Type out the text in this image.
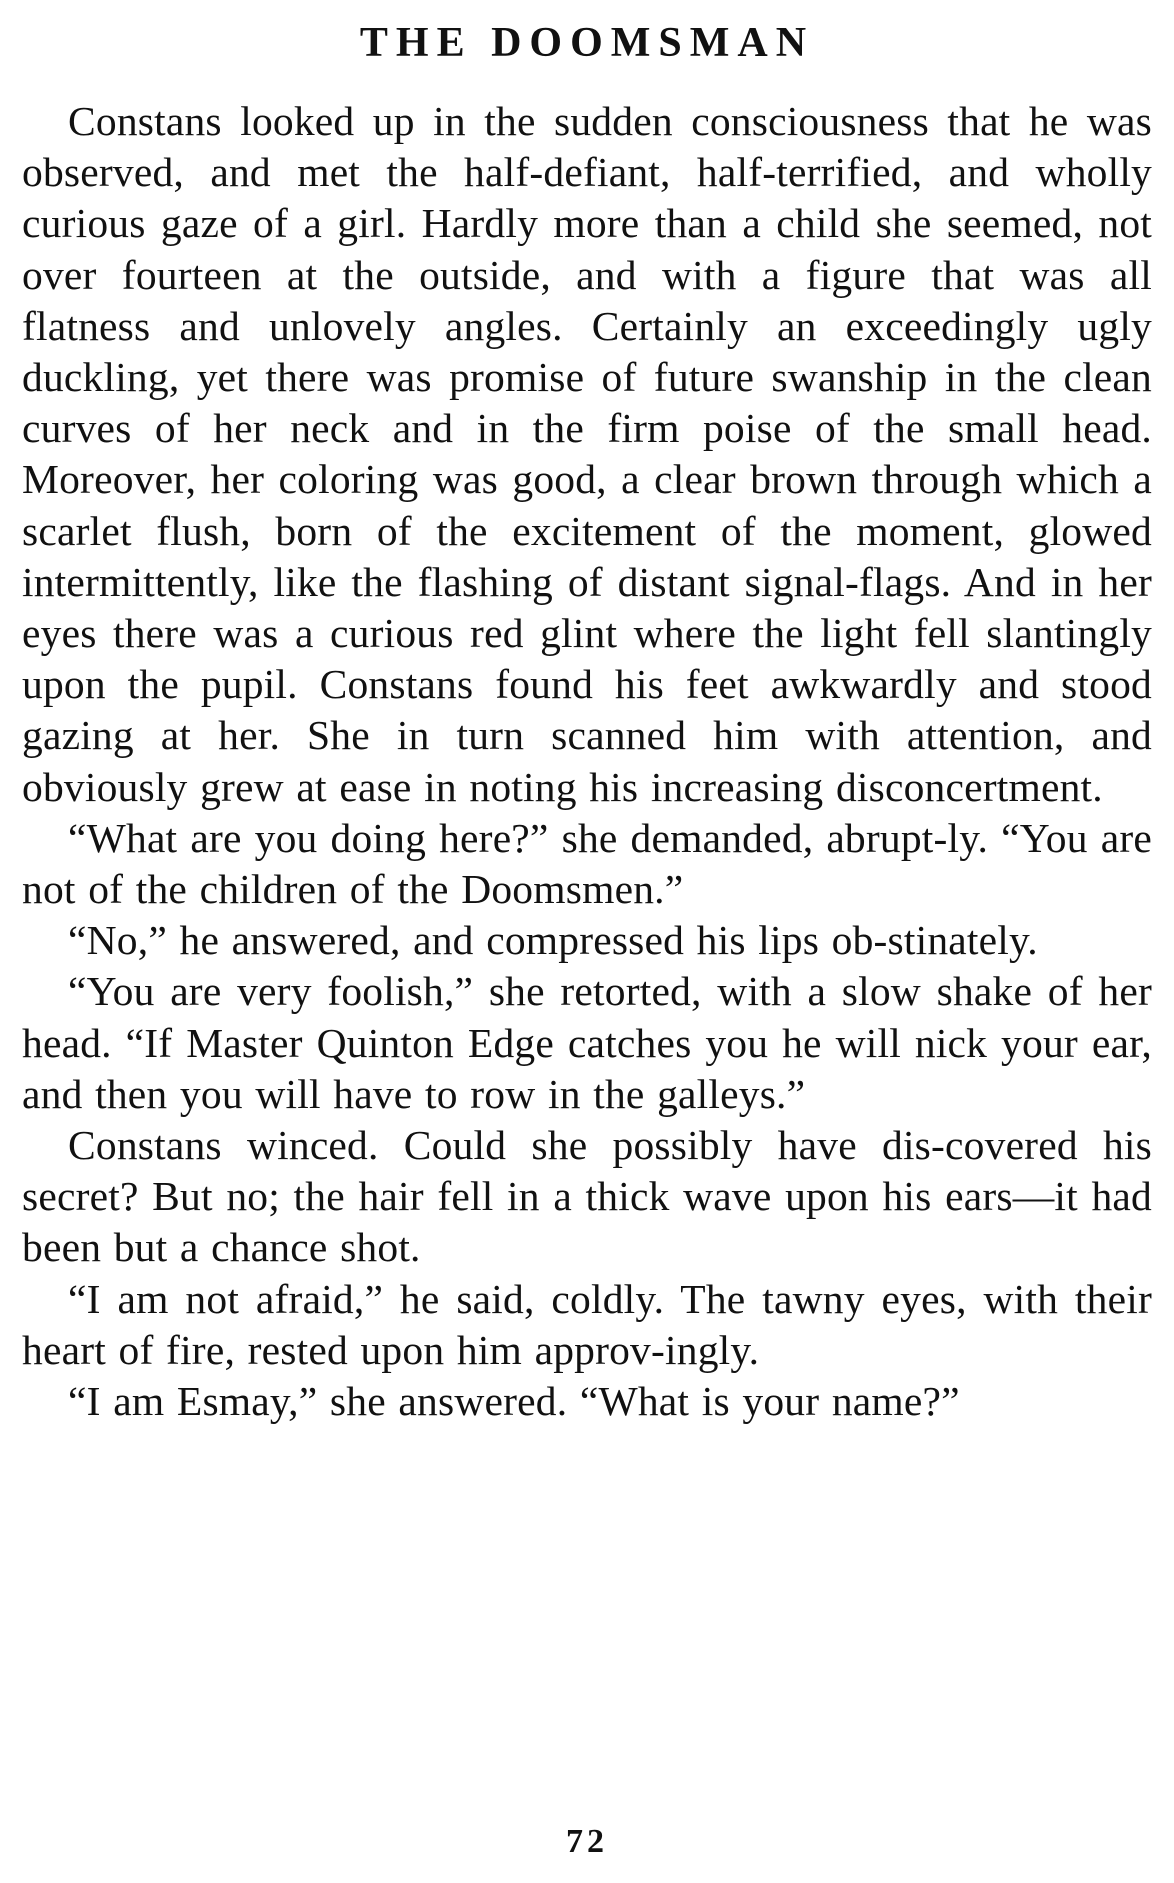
THE DOOMSMAN

Constans looked up in the sudden consciousness that he was observed, and met the half-defiant, half-terrified, and wholly curious gaze of a girl. Hardly more than a child she seemed, not over fourteen at the outside, and with a figure that was all flatness and unlovely angles. Certainly an exceedingly ugly duckling, yet there was promise of future swanship in the clean curves of her neck and in the firm poise of the small head. Moreover, her coloring was good, a clear brown through which a scarlet flush, born of the excitement of the moment, glowed intermittently, like the flashing of distant signal-flags. And in her eyes there was a curious red glint where the light fell slantingly upon the pupil. Constans found his feet awkwardly and stood gazing at her. She in turn scanned him with attention, and obviously grew at ease in noting his increasing disconcertment.

“What are you doing here?” she demanded, abrupt-ly. “You are not of the children of the Doomsmen.”

“No,” he answered, and compressed his lips ob-stinately.

“You are very foolish,” she retorted, with a slow shake of her head. “If Master Quinton Edge catches you he will nick your ear, and then you will have to row in the galleys.”

Constans winced. Could she possibly have dis-covered his secret? But no; the hair fell in a thick wave upon his ears—it had been but a chance shot.

“I am not afraid,” he said, coldly. The tawny eyes, with their heart of fire, rested upon him approv-ingly.

“I am Esmay,” she answered. “What is your name?”

72
